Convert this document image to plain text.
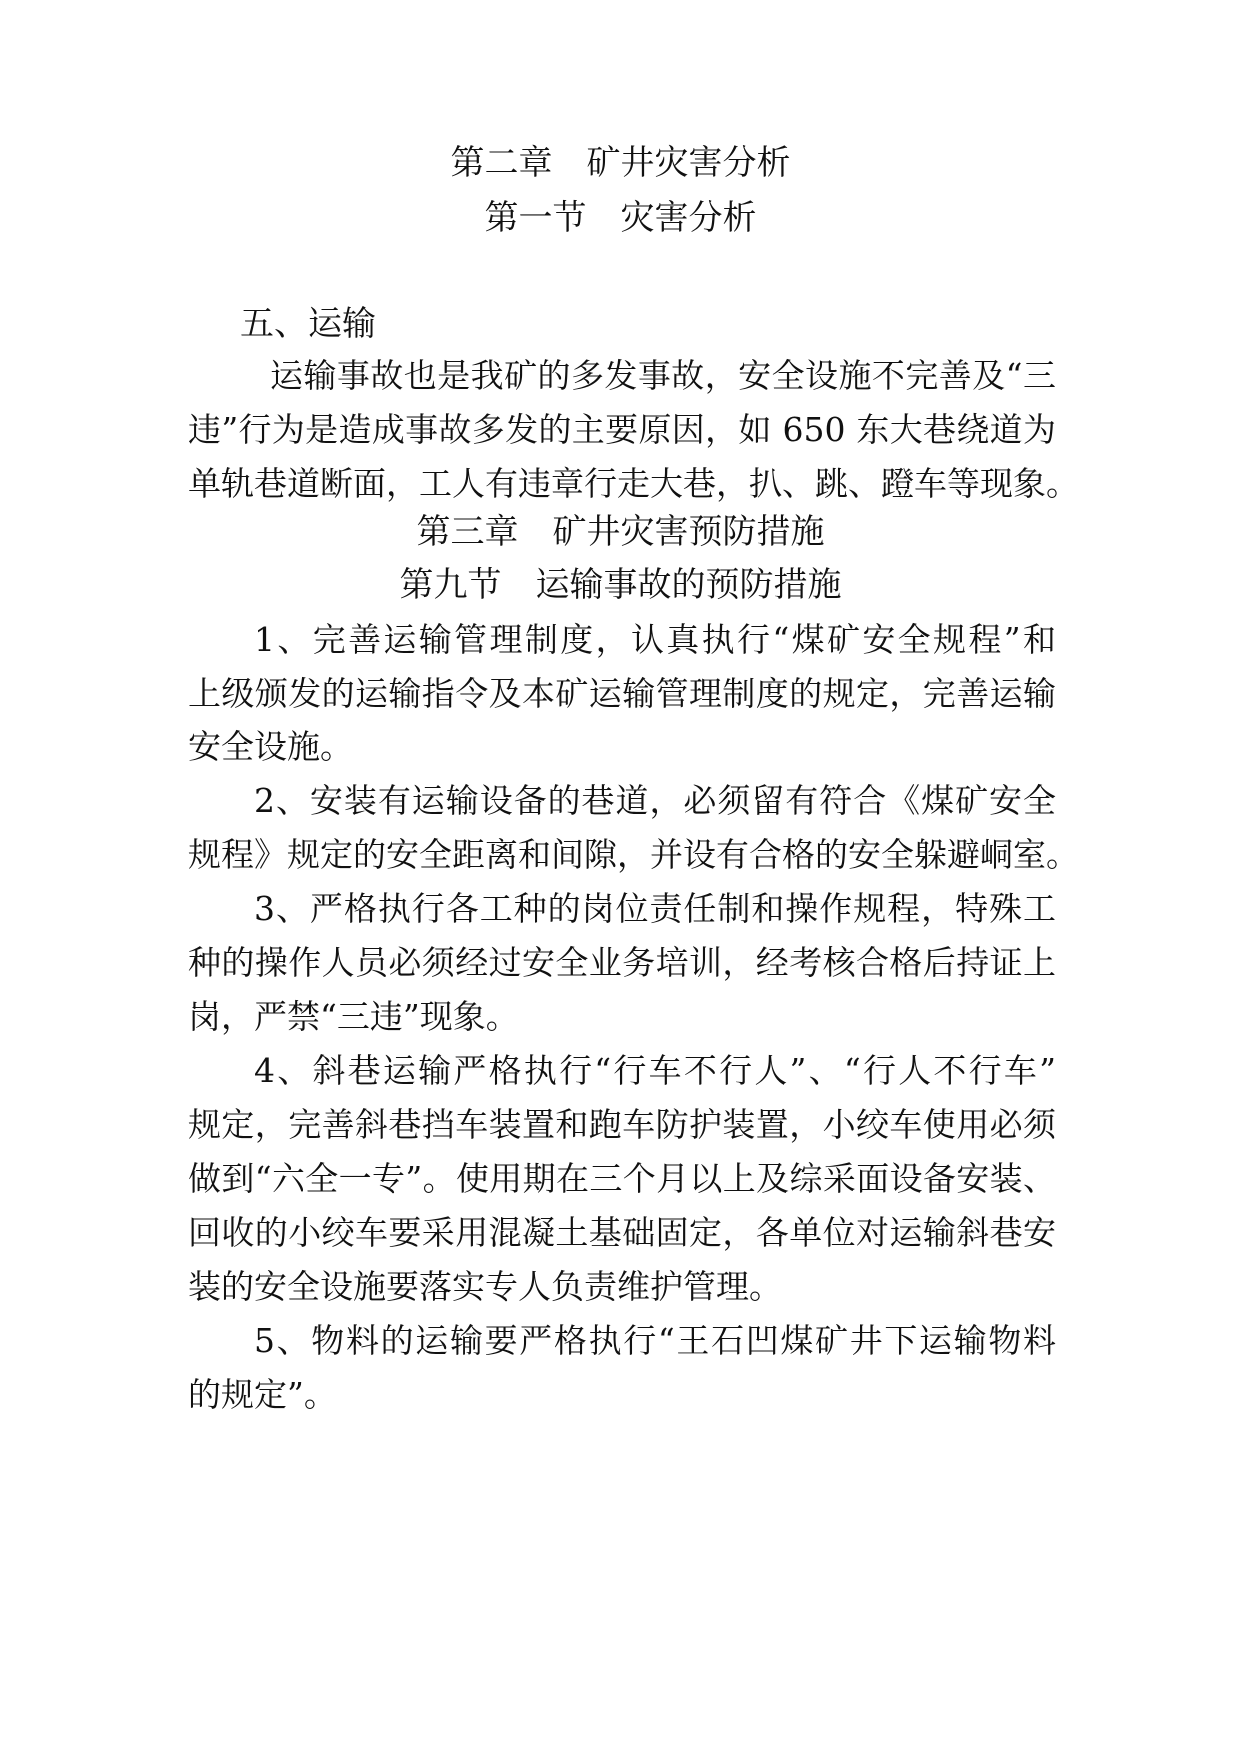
第二章　矿井灾害分析
第一节　灾害分析
五、运输
运输事故也是我矿的多发事故，安全设施不完善及“三
违”行为是造成事故多发的主要原因，如 650 东大巷绕道为
单轨巷道断面，工人有违章行走大巷，扒、跳、蹬车等现象。
第三章　矿井灾害预防措施
第九节　运输事故的预防措施
1、完善运输管理制度，认真执行“煤矿安全规程”和
上级颁发的运输指令及本矿运输管理制度的规定，完善运输
安全设施。
2、安装有运输设备的巷道，必须留有符合《煤矿安全
规程》规定的安全距离和间隙，并设有合格的安全躲避峒室。
3、严格执行各工种的岗位责任制和操作规程，特殊工
种的操作人员必须经过安全业务培训，经考核合格后持证上
岗，严禁“三违”现象。
4、斜巷运输严格执行“行车不行人”、“行人不行车”
规定，完善斜巷挡车装置和跑车防护装置，小绞车使用必须
做到“六全一专”。使用期在三个月以上及综采面设备安装、
回收的小绞车要采用混凝土基础固定，各单位对运输斜巷安
装的安全设施要落实专人负责维护管理。
5、物料的运输要严格执行“王石凹煤矿井下运输物料
的规定”。
